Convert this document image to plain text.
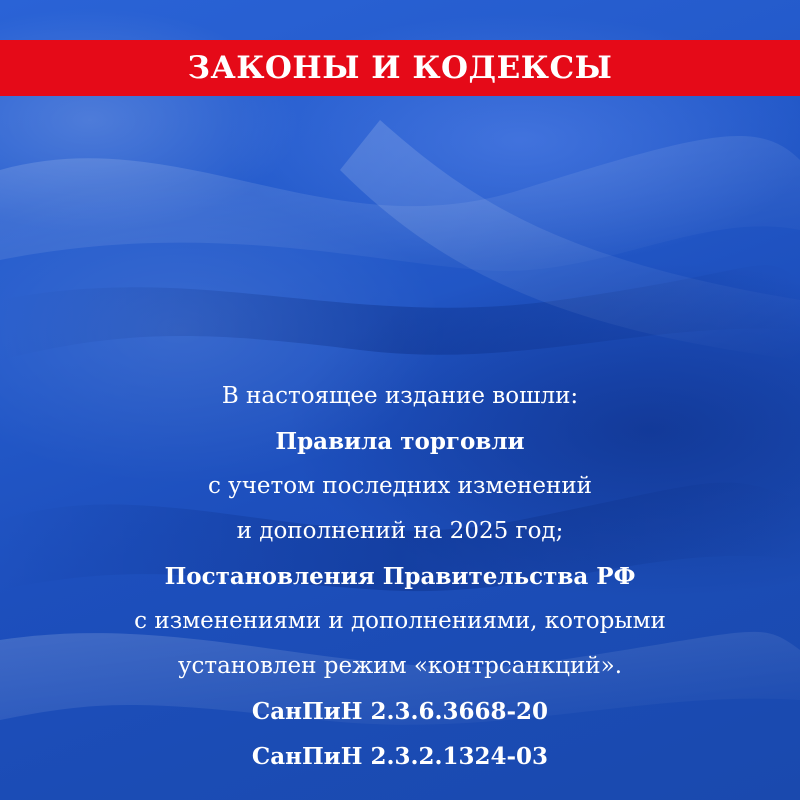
ЗАКОНЫ И КОДЕКСЫ
В настоящее издание вошли:
Правила торговли
с учетом последних изменений
и дополнений на 2025 год;
Постановления Правительства РФ
с изменениями и дополнениями, которыми
установлен режим «контрсанкций».
СанПиН 2.3.6.3668-20
СанПиН 2.3.2.1324-03
